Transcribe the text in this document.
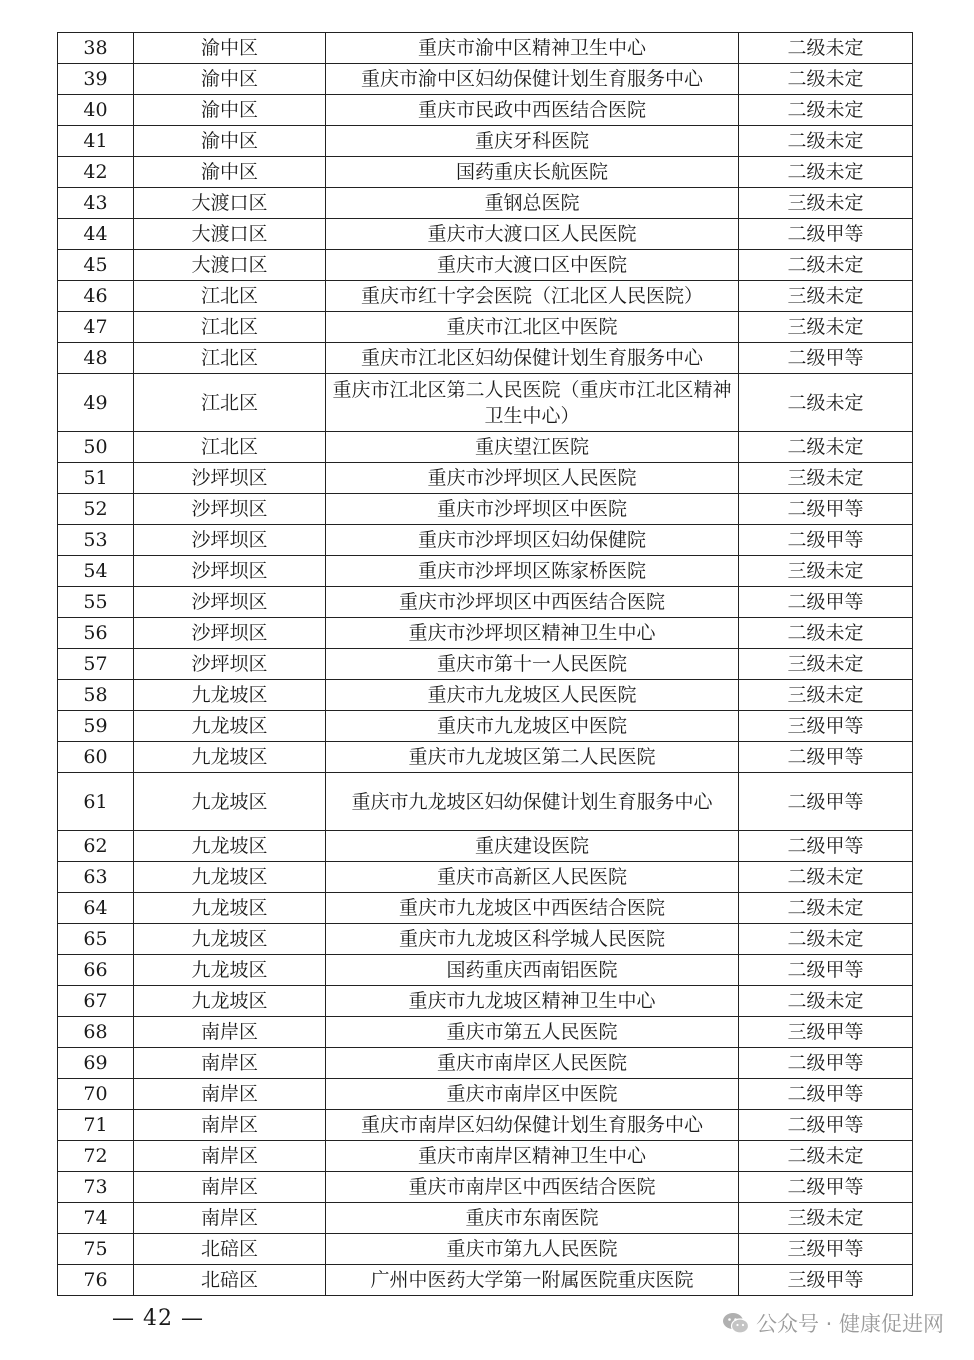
38	渝中区	重庆市渝中区精神卫生中心	二级未定
39	渝中区	重庆市渝中区妇幼保健计划生育服务中心	二级未定
40	渝中区	重庆市民政中西医结合医院	二级未定
41	渝中区	重庆牙科医院	二级未定
42	渝中区	国药重庆长航医院	二级未定
43	大渡口区	重钢总医院	三级未定
44	大渡口区	重庆市大渡口区人民医院	二级甲等
45	大渡口区	重庆市大渡口区中医院	二级未定
46	江北区	重庆市红十字会医院（江北区人民医院）	三级未定
47	江北区	重庆市江北区中医院	三级未定
48	江北区	重庆市江北区妇幼保健计划生育服务中心	二级甲等
49	江北区	重庆市江北区第二人民医院（重庆市江北区精神卫生中心）	二级未定
50	江北区	重庆望江医院	二级未定
51	沙坪坝区	重庆市沙坪坝区人民医院	三级未定
52	沙坪坝区	重庆市沙坪坝区中医院	二级甲等
53	沙坪坝区	重庆市沙坪坝区妇幼保健院	二级甲等
54	沙坪坝区	重庆市沙坪坝区陈家桥医院	三级未定
55	沙坪坝区	重庆市沙坪坝区中西医结合医院	二级甲等
56	沙坪坝区	重庆市沙坪坝区精神卫生中心	二级未定
57	沙坪坝区	重庆市第十一人民医院	三级未定
58	九龙坡区	重庆市九龙坡区人民医院	三级未定
59	九龙坡区	重庆市九龙坡区中医院	三级甲等
60	九龙坡区	重庆市九龙坡区第二人民医院	二级甲等
61	九龙坡区	重庆市九龙坡区妇幼保健计划生育服务中心	二级甲等
62	九龙坡区	重庆建设医院	二级甲等
63	九龙坡区	重庆市高新区人民医院	二级未定
64	九龙坡区	重庆市九龙坡区中西医结合医院	二级未定
65	九龙坡区	重庆市九龙坡区科学城人民医院	二级未定
66	九龙坡区	国药重庆西南铝医院	二级甲等
67	九龙坡区	重庆市九龙坡区精神卫生中心	二级未定
68	南岸区	重庆市第五人民医院	三级甲等
69	南岸区	重庆市南岸区人民医院	二级甲等
70	南岸区	重庆市南岸区中医院	二级甲等
71	南岸区	重庆市南岸区妇幼保健计划生育服务中心	二级甲等
72	南岸区	重庆市南岸区精神卫生中心	二级未定
73	南岸区	重庆市南岸区中西医结合医院	二级甲等
74	南岸区	重庆市东南医院	三级未定
75	北碚区	重庆市第九人民医院	三级甲等
76	北碚区	广州中医药大学第一附属医院重庆医院	三级甲等
— 42 —	公众号 · 健康促进网
